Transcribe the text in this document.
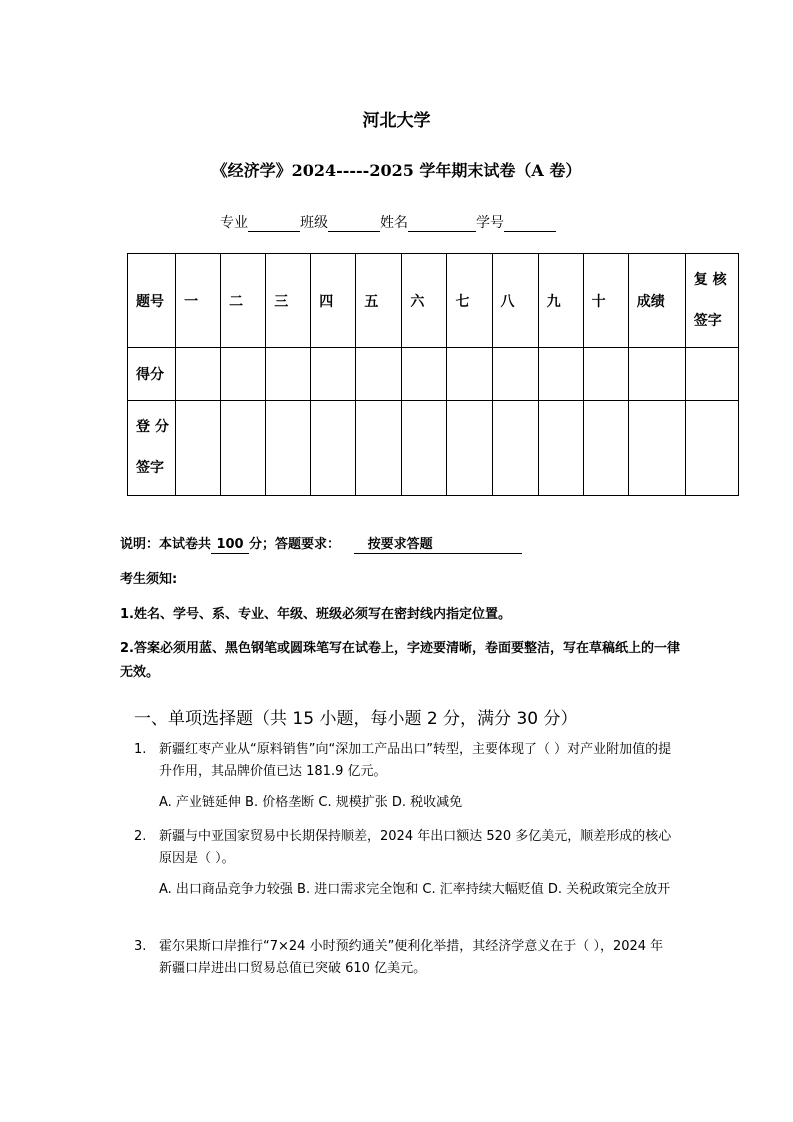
河北大学
《经济学》2024-----2025 学年期末试卷（A 卷）
专业	班级	姓名	学号
题号	一	二	三	四	五	六	七	八	九	十	成绩	复 核
签字

得分												

登 分
签字												

说明：本试卷共 100 分；答题要求： 按要求答题
考生须知:
1.姓名、学号、系、专业、年级、班级必须写在密封线内指定位置。
2.答案必须用蓝、黑色钢笔或圆珠笔写在试卷上，字迹要清晰，卷面要整洁，写在草稿纸上的一律无效。
一、单项选择题（共 15 小题，每小题 2 分，满分 30 分）
1. 新疆红枣产业从“原料销售”向“深加工产品出口”转型，主要体现了（ ）对产业附加值的提升作用，其品牌价值已达 181.9 亿元。
A. 产业链延伸 B. 价格垄断 C. 规模扩张 D. 税收减免
2. 新疆与中亚国家贸易中长期保持顺差，2024 年出口额达 520 多亿美元，顺差形成的核心原因是（ ）。
A. 出口商品竞争力较强 B. 进口需求完全饱和 C. 汇率持续大幅贬值 D. 关税政策完全放开
3. 霍尔果斯口岸推行“7×24 小时预约通关”便利化举措，其经济学意义在于（ ），2024 年新疆口岸进出口贸易总值已突破 610 亿美元。
